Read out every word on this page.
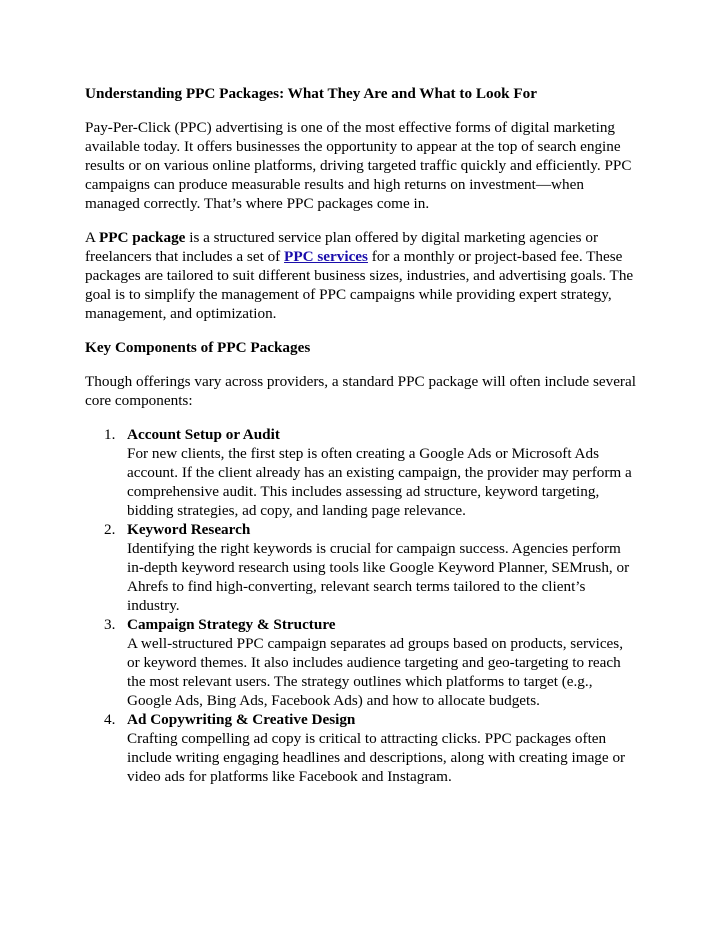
Understanding PPC Packages: What They Are and What to Look For

Pay-Per-Click (PPC) advertising is one of the most effective forms of digital marketing available today. It offers businesses the opportunity to appear at the top of search engine results or on various online platforms, driving targeted traffic quickly and efficiently. PPC campaigns can produce measurable results and high returns on investment—when managed correctly. That’s where PPC packages come in.

A PPC package is a structured service plan offered by digital marketing agencies or freelancers that includes a set of PPC services for a monthly or project-based fee. These packages are tailored to suit different business sizes, industries, and advertising goals. The goal is to simplify the management of PPC campaigns while providing expert strategy, management, and optimization.

Key Components of PPC Packages

Though offerings vary across providers, a standard PPC package will often include several core components:

1. Account Setup or Audit
For new clients, the first step is often creating a Google Ads or Microsoft Ads account. If the client already has an existing campaign, the provider may perform a comprehensive audit. This includes assessing ad structure, keyword targeting, bidding strategies, ad copy, and landing page relevance.
2. Keyword Research
Identifying the right keywords is crucial for campaign success. Agencies perform in-depth keyword research using tools like Google Keyword Planner, SEMrush, or Ahrefs to find high-converting, relevant search terms tailored to the client’s industry.
3. Campaign Strategy & Structure
A well-structured PPC campaign separates ad groups based on products, services, or keyword themes. It also includes audience targeting and geo-targeting to reach the most relevant users. The strategy outlines which platforms to target (e.g., Google Ads, Bing Ads, Facebook Ads) and how to allocate budgets.
4. Ad Copywriting & Creative Design
Crafting compelling ad copy is critical to attracting clicks. PPC packages often include writing engaging headlines and descriptions, along with creating image or video ads for platforms like Facebook and Instagram.
